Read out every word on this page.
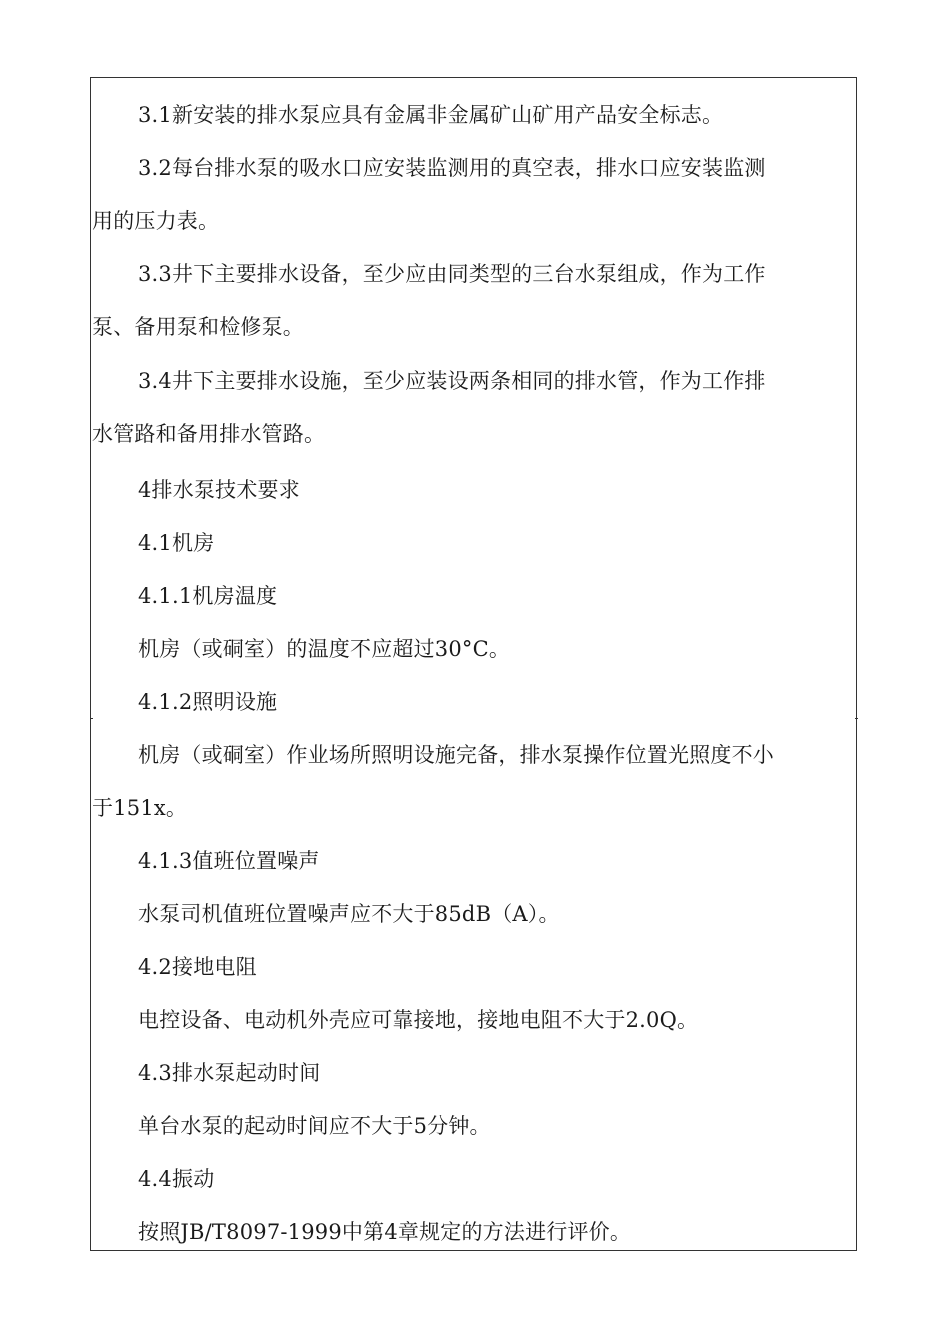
3.1新安装的排水泵应具有金属非金属矿山矿用产品安全标志。
3.2每台排水泵的吸水口应安装监测用的真空表，排水口应安装监测
用的压力表。
3.3井下主要排水设备，至少应由同类型的三台水泵组成，作为工作
泵、备用泵和检修泵。
3.4井下主要排水设施，至少应装设两条相同的排水管，作为工作排
水管路和备用排水管路。
4排水泵技术要求
4.1机房
4.1.1机房温度
机房（或硐室）的温度不应超过30°C。
4.1.2照明设施
机房（或硐室）作业场所照明设施完备，排水泵操作位置光照度不小
于151x。
4.1.3值班位置噪声
水泵司机值班位置噪声应不大于85dB（A）。
4.2接地电阻
电控设备、电动机外壳应可靠接地，接地电阻不大于2.0Q。
4.3排水泵起动时间
单台水泵的起动时间应不大于5分钟。
4.4振动
按照JB/T8097-1999中第4章规定的方法进行评价。
